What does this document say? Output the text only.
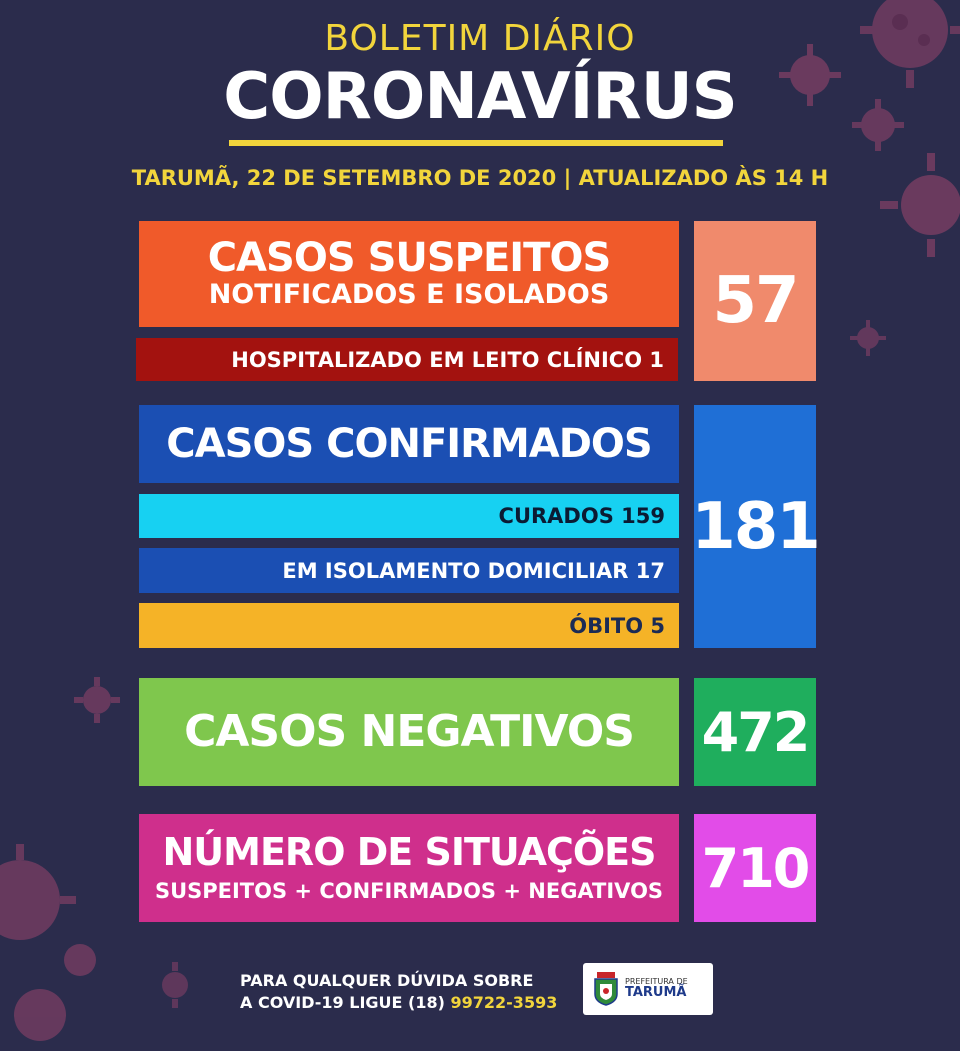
BOLETIM DIÁRIO
CORONAVÍRUS
TARUMÃ, 22 DE SETEMBRO DE 2020 | ATUALIZADO ÀS 14 H
CASOS SUSPEITOS
NOTIFICADOS E ISOLADOS
HOSPITALIZADO EM LEITO CLÍNICO 1
57
CASOS CONFIRMADOS
CURADOS 159
EM ISOLAMENTO DOMICILIAR 17
ÓBITO 5
181
CASOS NEGATIVOS 472
NÚMERO DE SITUAÇÕES
SUSPEITOS + CONFIRMADOS + NEGATIVOS 710
PARA QUALQUER DÚVIDA SOBRE
A COVID-19 LIGUE (18) 99722-3593
PREFEITURA DE
TARUMÃ
